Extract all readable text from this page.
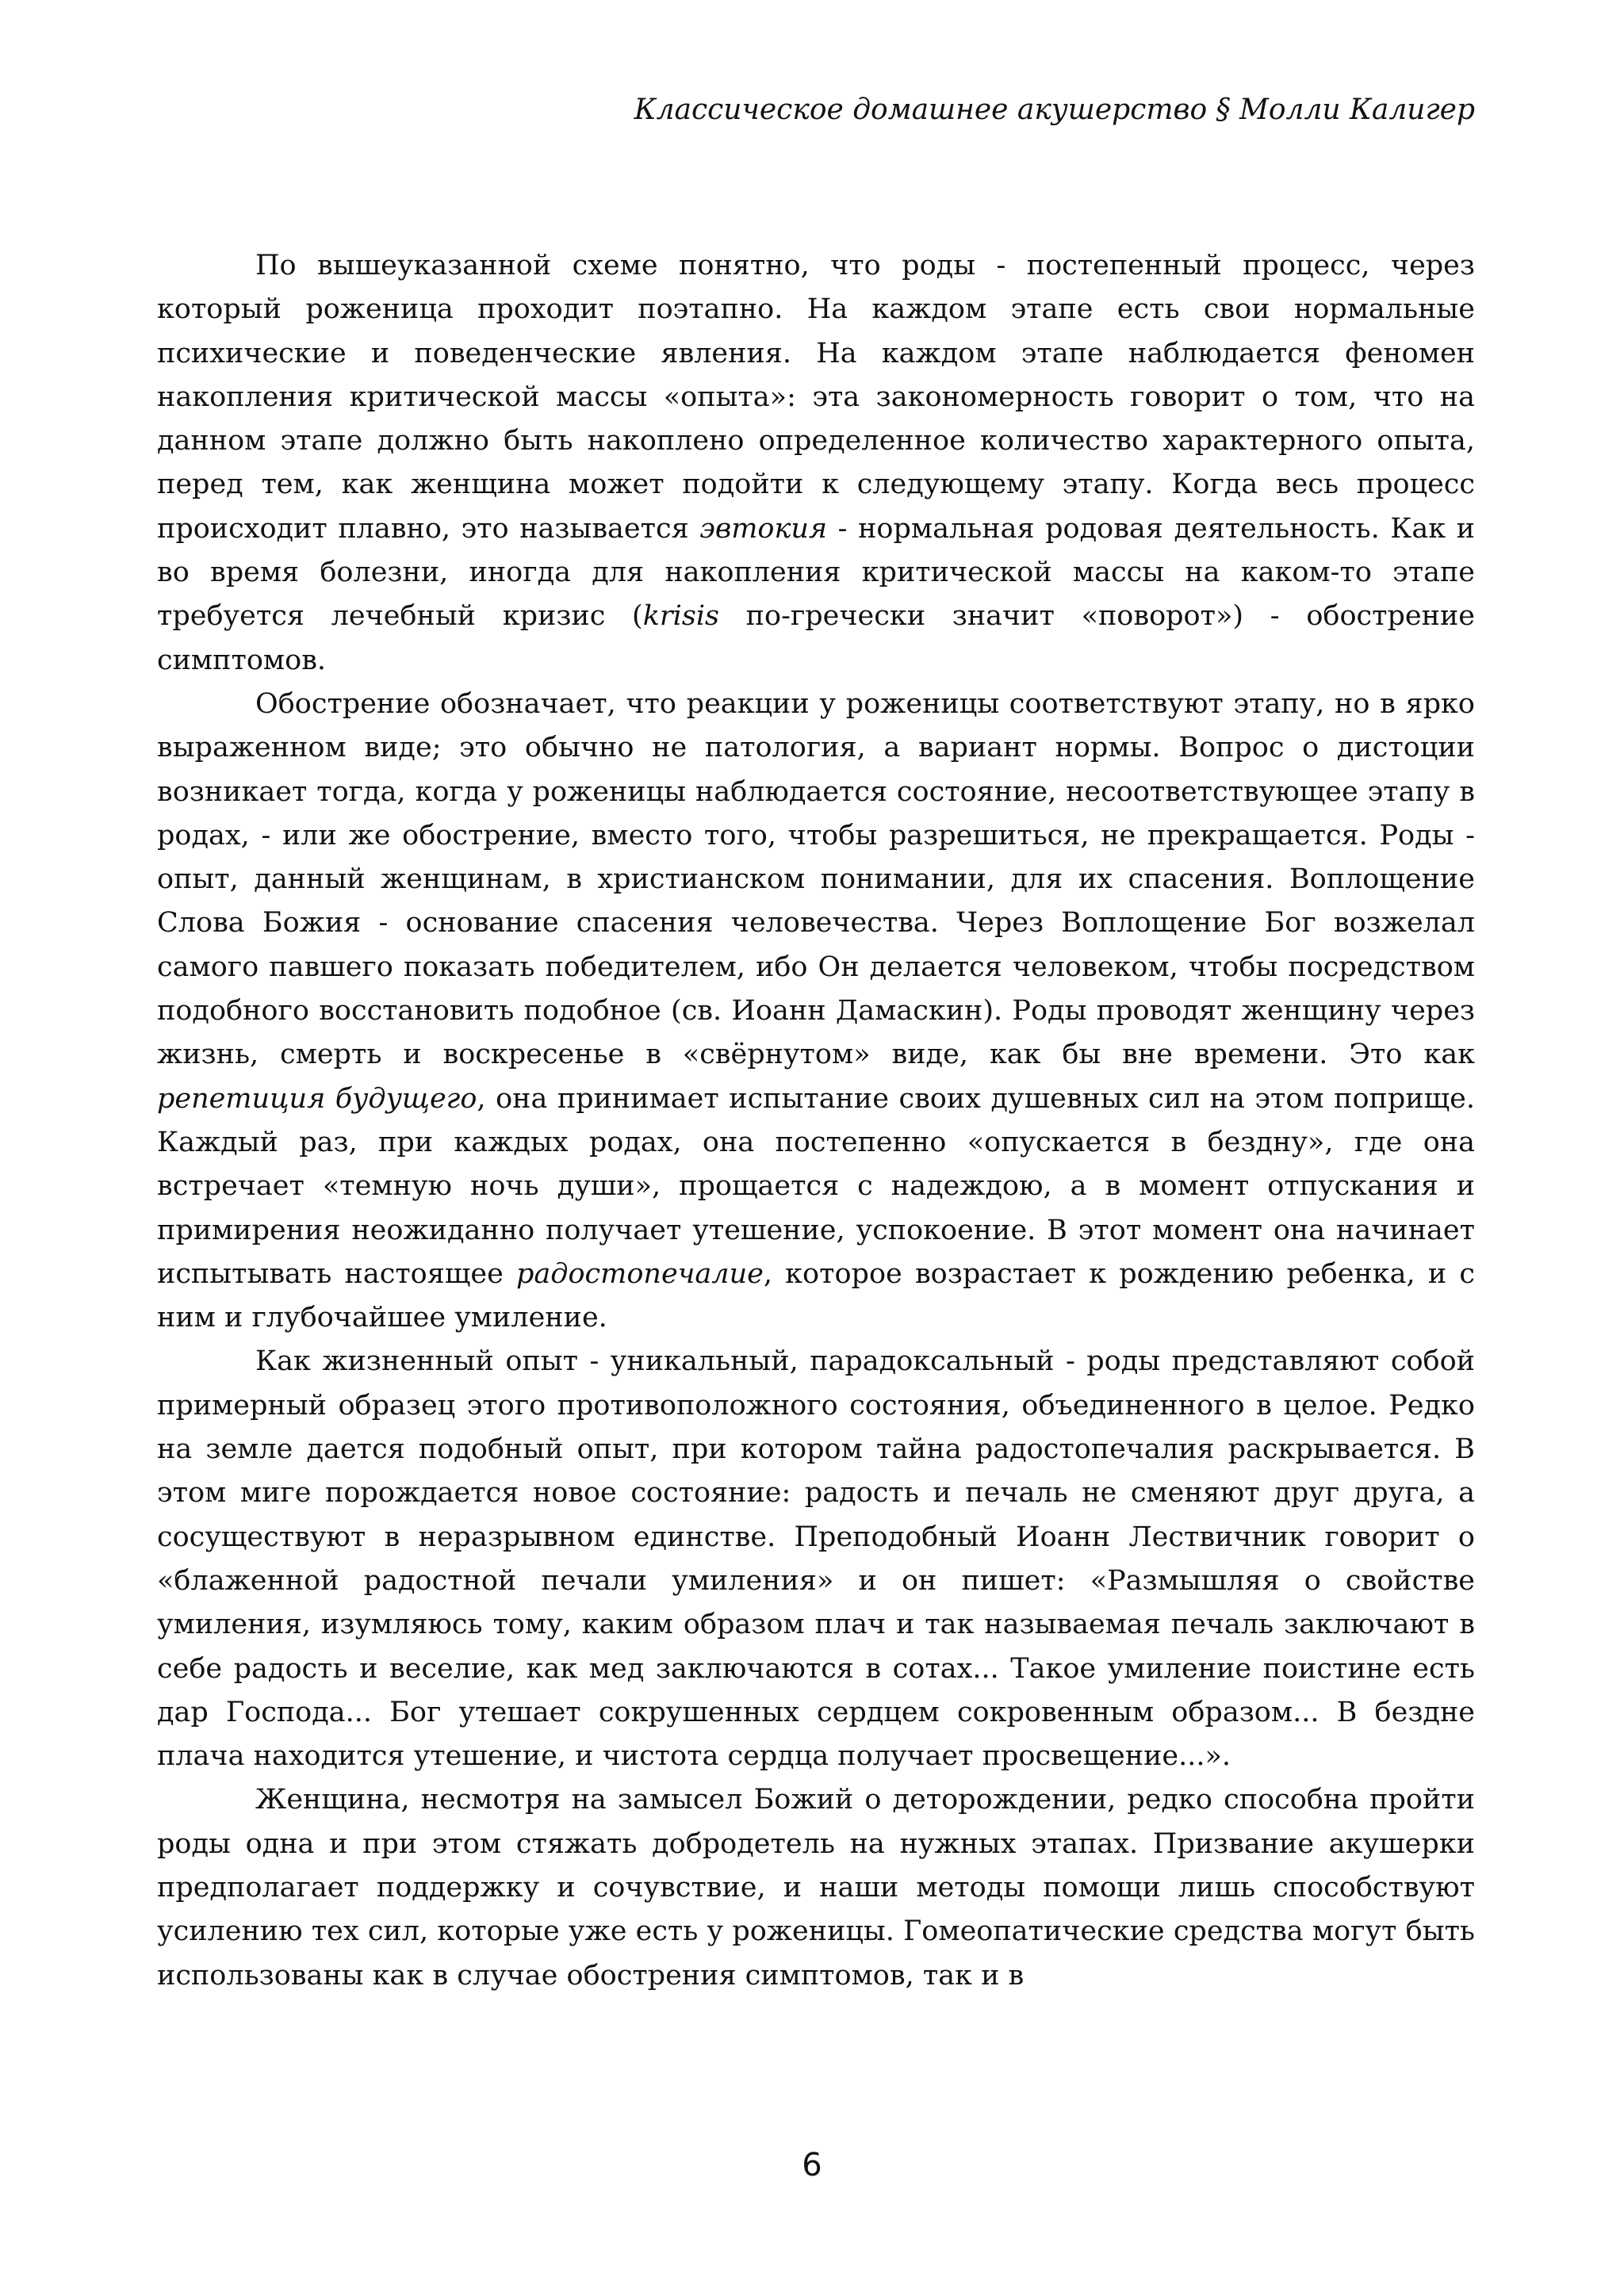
Классическое домашнее акушерство § Молли Калигер

По вышеуказанной схеме понятно, что роды - постепенный процесс, через который роженица проходит поэтапно. На каждом этапе есть свои нормальные психические и поведенческие явления. На каждом этапе наблюдается феномен накопления критической массы «опыта»: эта закономерность говорит о том, что на данном этапе должно быть накоплено определенное количество характерного опыта, перед тем, как женщина может подойти к следующему этапу. Когда весь процесс происходит плавно, это называется эвтокия - нормальная родовая деятельность. Как и во время болезни, иногда для накопления критической массы на каком-то этапе требуется лечебный кризис (krisis по-гречески значит «поворот») - обострение симптомов.

Обострение обозначает, что реакции у роженицы соответствуют этапу, но в ярко выраженном виде; это обычно не патология, а вариант нормы. Вопрос о дистоции возникает тогда, когда у роженицы наблюдается состояние, несоответствующее этапу в родах, - или же обострение, вместо того, чтобы разрешиться, не прекращается. Роды - опыт, данный женщинам, в христианском понимании, для их спасения. Воплощение Слова Божия - основание спасения человечества. Через Воплощение Бог возжелал самого павшего показать победителем, ибо Он делается человеком, чтобы посредством подобного восстановить подобное (св. Иоанн Дамаскин). Роды проводят женщину через жизнь, смерть и воскресенье в «свёрнутом» виде, как бы вне времени. Это как репетиция будущего, она принимает испытание своих душевных сил на этом поприще. Каждый раз, при каждых родах, она постепенно «опускается в бездну», где она встречает «темную ночь души», прощается с надеждою, а в момент отпускания и примирения неожиданно получает утешение, успокоение. В этот момент она начинает испытывать настоящее радостопечалие, которое возрастает к рождению ребенка, и с ним и глубочайшее умиление.

Как жизненный опыт - уникальный, парадоксальный - роды представляют собой примерный образец этого противоположного состояния, объединенного в целое. Редко на земле дается подобный опыт, при котором тайна радостопечалия раскрывается. В этом миге порождается новое состояние: радость и печаль не сменяют друг друга, а сосуществуют в неразрывном единстве. Преподобный Иоанн Лествичник говорит о «блаженной радостной печали умиления» и он пишет: «Размышляя о свойстве умиления, изумляюсь тому, каким образом плач и так называемая печаль заключают в себе радость и веселие, как мед заключаются в сотах... Такое умиление поистине есть дар Господа... Бог утешает сокрушенных сердцем сокровенным образом... В бездне плача находится утешение, и чистота сердца получает просвещение...».

Женщина, несмотря на замысел Божий о деторождении, редко способна пройти роды одна и при этом стяжать добродетель на нужных этапах. Призвание акушерки предполагает поддержку и сочувствие, и наши методы помощи лишь способствуют усилению тех сил, которые уже есть у роженицы. Гомеопатические средства могут быть использованы как в случае обострения симптомов, так и в

6
